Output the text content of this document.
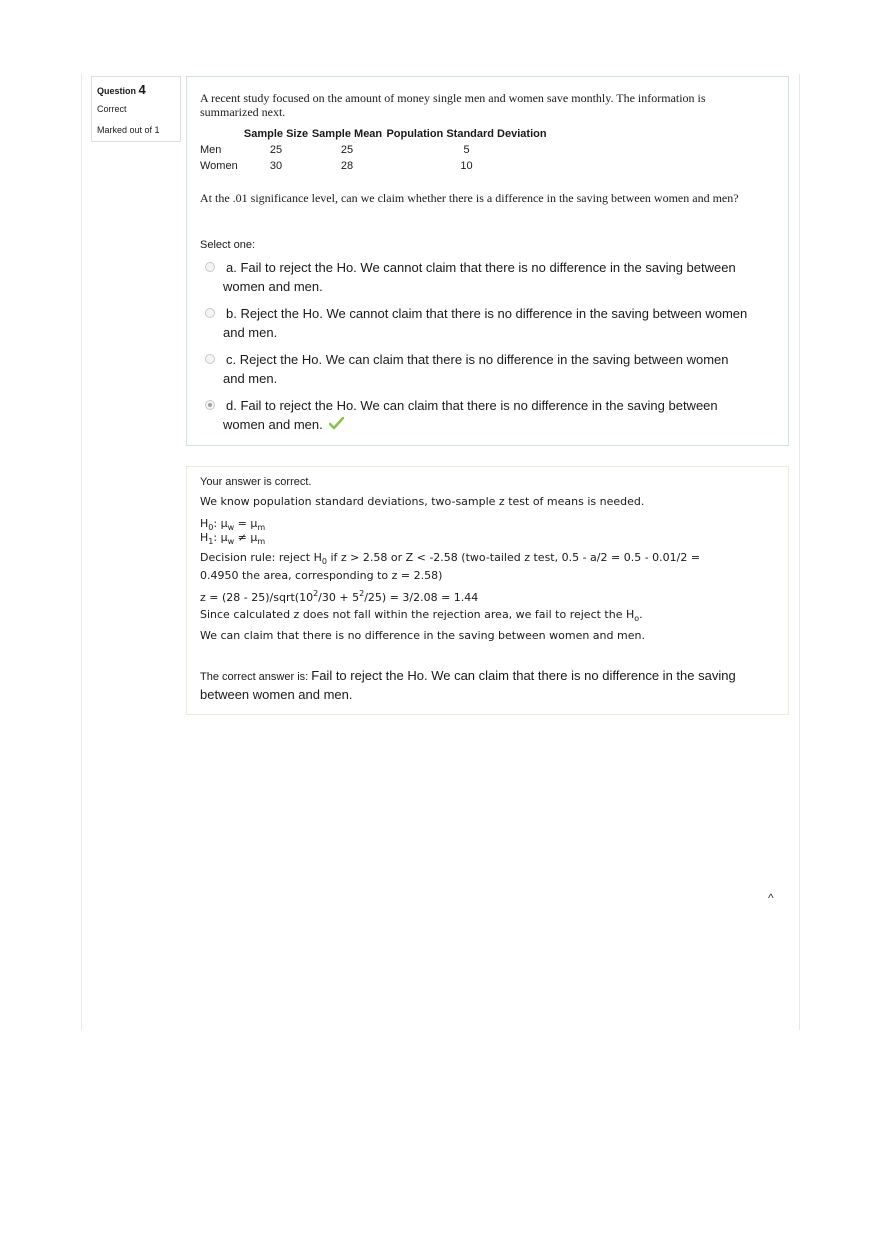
Question 4
Correct
Marked out of 1
A recent study focused on the amount of money single men and women save monthly. The information is summarized next.
	Sample Size	Sample Mean	Population Standard Deviation
Men	25	25	5
Women	30	28	10
At the .01 significance level, can we claim whether there is a difference in the saving between women and men?
Select one:
a. Fail to reject the Ho. We cannot claim that there is no difference in the saving between
women and men.
b. Reject the Ho. We cannot claim that there is no difference in the saving between women
and men.
c. Reject the Ho. We can claim that there is no difference in the saving between women
and men.
d. Fail to reject the Ho. We can claim that there is no difference in the saving between
women and men.
Your answer is correct.
We know population standard deviations, two-sample z test of means is needed.
$H_0$: $\mu_w = \mu_m$
$H_1$: $\mu_w \ne \mu_m$
Decision rule: reject $H_0$ if z > 2.58 or Z < -2.58 (two-tailed z test, 0.5 - a/2 = 0.5 - 0.01/2 =
0.4950 the area, corresponding to z = 2.58)
$z = (28 - 25)/sqrt(10^2/30 + 5^2/25) = 3/2.08 = 1.44$
Since calculated z does not fall within the rejection area, we fail to reject the $H_o$.
We can claim that there is no difference in the saving between women and men.
The correct answer is: Fail to reject the Ho. We can claim that there is no difference in the saving between women and men.
^
